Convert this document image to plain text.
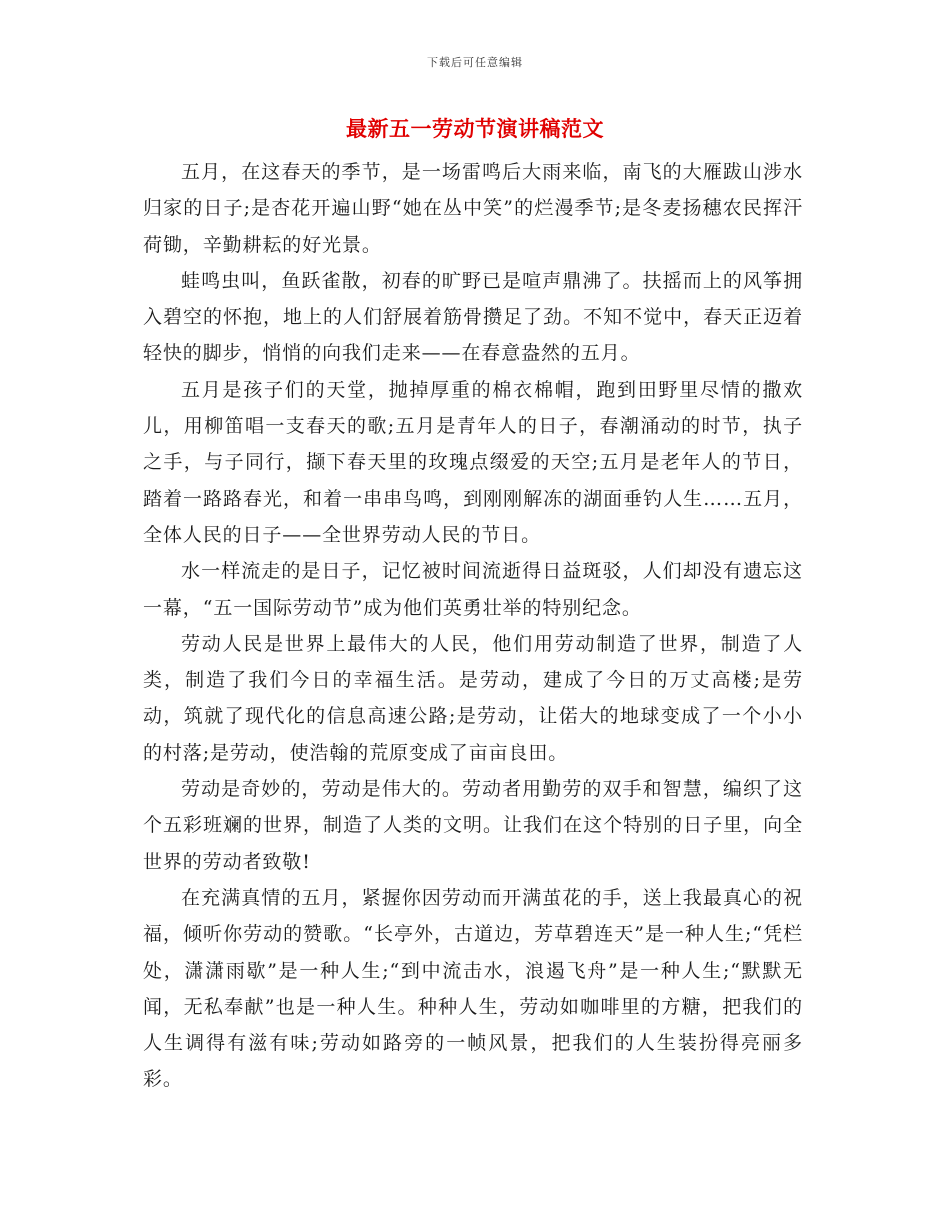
下载后可任意编辑
最新五一劳动节演讲稿范文

五月，在这春天的季节，是一场雷鸣后大雨来临，南飞的大雁跋山涉水归家的日子;是杏花开遍山野“她在丛中笑”的烂漫季节;是冬麦扬穗农民挥汗荷锄，辛勤耕耘的好光景。

蛙鸣虫叫，鱼跃雀散，初春的旷野已是喧声鼎沸了。扶摇而上的风筝拥入碧空的怀抱，地上的人们舒展着筋骨攒足了劲。不知不觉中，春天正迈着轻快的脚步，悄悄的向我们走来——在春意盎然的五月。

五月是孩子们的天堂，抛掉厚重的棉衣棉帽，跑到田野里尽情的撒欢儿，用柳笛唱一支春天的歌;五月是青年人的日子，春潮涌动的时节，执子之手，与子同行，撷下春天里的玫瑰点缀爱的天空;五月是老年人的节日，踏着一路路春光，和着一串串鸟鸣，到刚刚解冻的湖面垂钓人生……五月，全体人民的日子——全世界劳动人民的节日。

水一样流走的是日子，记忆被时间流逝得日益斑驳，人们却没有遗忘这一幕，“五一国际劳动节”成为他们英勇壮举的特别纪念。

劳动人民是世界上最伟大的人民，他们用劳动制造了世界，制造了人类，制造了我们今日的幸福生活。是劳动，建成了今日的万丈高楼;是劳动，筑就了现代化的信息高速公路;是劳动，让偌大的地球变成了一个小小的村落;是劳动，使浩翰的荒原变成了亩亩良田。

劳动是奇妙的，劳动是伟大的。劳动者用勤劳的双手和智慧，编织了这个五彩班斓的世界，制造了人类的文明。让我们在这个特别的日子里，向全世界的劳动者致敬!

在充满真情的五月，紧握你因劳动而开满茧花的手，送上我最真心的祝福，倾听你劳动的赞歌。“长亭外，古道边，芳草碧连天”是一种人生;“凭栏处，潇潇雨歇”是一种人生;“到中流击水，浪遏飞舟”是一种人生;“默默无闻，无私奉献”也是一种人生。种种人生，劳动如咖啡里的方糖，把我们的人生调得有滋有味;劳动如路旁的一帧风景，把我们的人生装扮得亮丽多彩。
